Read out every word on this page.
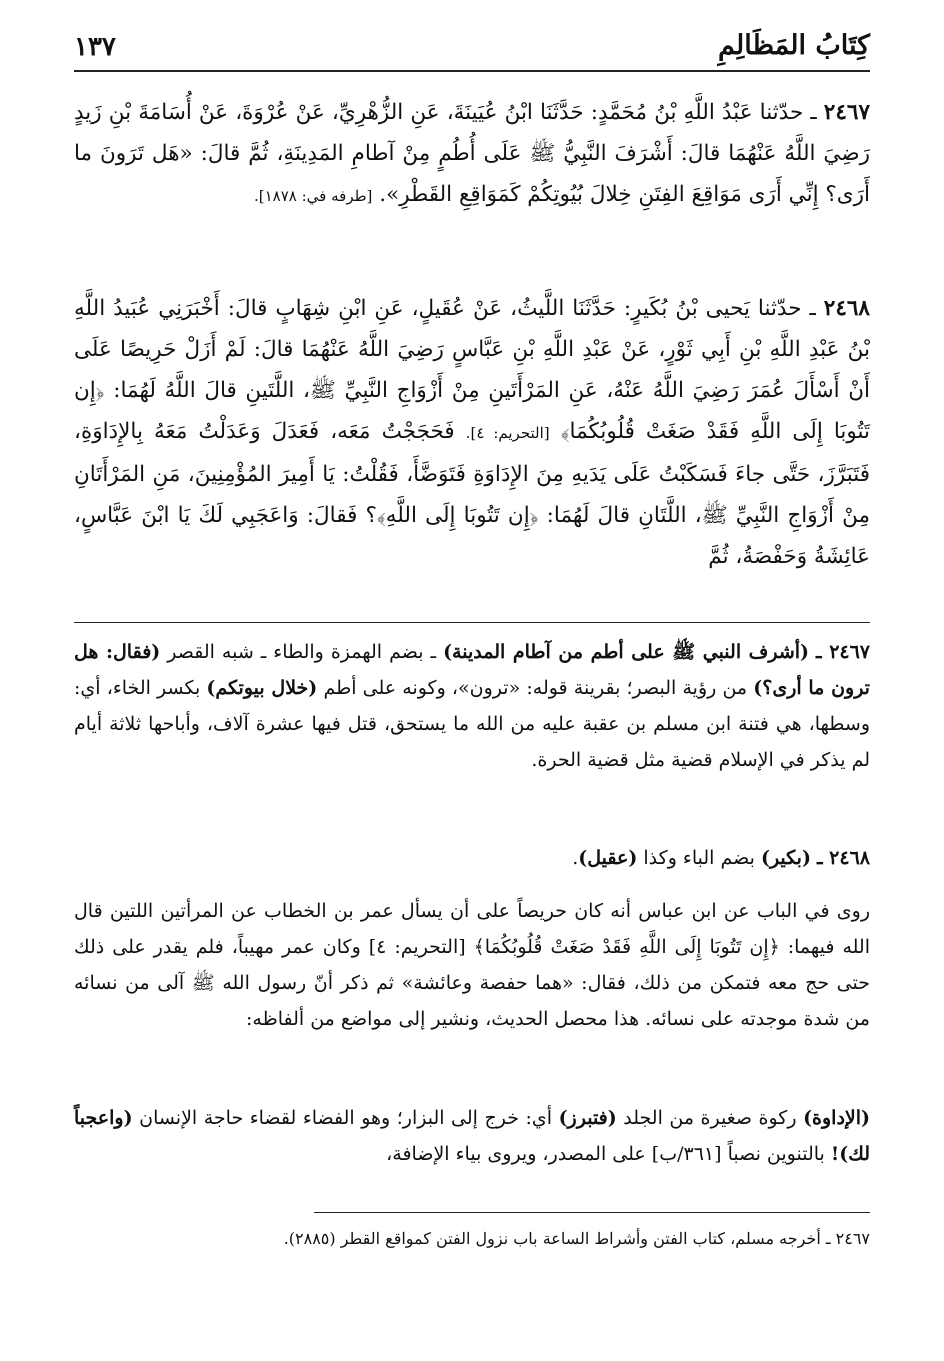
كِتَابُ المَظَالِمِ
١٣٧
٢٤٦٧ ـ حدّثنا عَبْدُ اللَّهِ بْنُ مُحَمَّدٍ: حَدَّثَنَا ابْنُ عُيَينَةَ، عَنِ الزُّهْرِيِّ، عَنْ عُرْوَةَ، عَنْ أُسَامَةَ بْنِ زَيدٍ رَضِيَ اللَّهُ عَنْهُمَا قالَ: أَشْرَفَ النَّبِيُّ ﷺ عَلَى أُطُمٍ مِنْ آطامِ المَدِينَةِ، ثُمَّ قالَ: «هَل تَرَونَ ما أَرَى؟ إِنِّي أَرَى مَوَاقِعَ الفِتَنِ خِلالَ بُيُوتِكُمْ كَمَوَاقِعِ القَطْرِ». [طرفه في: ١٨٧٨].
٢٤٦٨ ـ حدّثنا يَحيى بْنُ بُكَيرٍ: حَدَّثَنَا اللَّيثُ، عَنْ عُقَيلٍ، عَنِ ابْنِ شِهَابٍ قالَ: أَخْبَرَنِي عُبَيدُ اللَّهِ بْنُ عَبْدِ اللَّهِ بْنِ أَبِي ثَوْرٍ، عَنْ عَبْدِ اللَّهِ بْنِ عَبَّاسٍ رَضِيَ اللَّهُ عَنْهُمَا قالَ: لَمْ أَزَلْ حَرِيصًا عَلَى أَنْ أَسْأَلَ عُمَرَ رَضِيَ اللَّهُ عَنْهُ، عَنِ المَرْأَتَينِ مِنْ أَزْوَاجِ النَّبِيِّ ﷺ، اللَّتَينِ قالَ اللَّهُ لَهُمَا: ﴿إِن تَتُوبَا إِلَى اللَّهِ فَقَدْ صَغَتْ قُلُوبُكُمَا﴾ [التحريم: ٤]. فَحَجَجْتُ مَعَه، فَعَدَلَ وَعَدَلْتُ مَعَهُ بِالإِدَاوَةِ، فَتَبَرَّزَ، حَتَّى جاءَ فَسَكَبْتُ عَلَى يَدَيهِ مِنَ الإِدَاوَةِ فَتَوَضَّأَ، فَقُلْتُ: يَا أَمِيرَ المُؤْمِنِينَ، مَنِ المَرْأَتَانِ مِنْ أَزْوَاجِ النَّبِيِّ ﷺ، اللَّتَانِ قالَ لَهُمَا: ﴿إِن تَتُوبَا إِلَى اللَّهِ﴾؟ فَقالَ: وَاعَجَبِي لَكَ يَا ابْنَ عَبَّاسٍ، عَائِشَةُ وَحَفْصَةُ، ثُمَّ
٢٤٦٧ ـ (أشرف النبي ﷺ على أطم من آطام المدينة) ـ بضم الهمزة والطاء ـ شبه القصر (فقال: هل ترون ما أرى؟) من رؤية البصر؛ بقرينة قوله: «ترون»، وكونه على أطم (خلال بيوتكم) بكسر الخاء، أي: وسطها، هي فتنة ابن مسلم بن عقبة عليه من الله ما يستحق، قتل فيها عشرة آلاف، وأباحها ثلاثة أيام لم يذكر في الإسلام قضية مثل قضية الحرة.
٢٤٦٨ ـ (بكير) بضم الباء وكذا (عقيل).
روى في الباب عن ابن عباس أنه كان حريصاً على أن يسأل عمر بن الخطاب عن المرأتين اللتين قال الله فيهما: ﴿إِن تَتُوبَا إِلَى اللَّهِ فَقَدْ صَغَتْ قُلُوبُكُمَا﴾ [التحريم: ٤] وكان عمر مهيباً، فلم يقدر على ذلك حتى حج معه فتمكن من ذلك، فقال: «هما حفصة وعائشة» ثم ذكر أنّ رسول الله ﷺ آلى من نسائه من شدة موجدته على نسائه. هذا محصل الحديث، ونشير إلى مواضع من ألفاظه:
(الإداوة) ركوة صغيرة من الجلد (فتبرز) أي: خرج إلى البزار؛ وهو الفضاء لقضاء حاجة الإنسان (واعجباً لك)! بالتنوين نصباً [٣٦١/ب] على المصدر، ويروى بياء الإضافة،
٢٤٦٧ ـ أخرجه مسلم، كتاب الفتن وأشراط الساعة باب نزول الفتن كمواقع القطر (٢٨٨٥).
